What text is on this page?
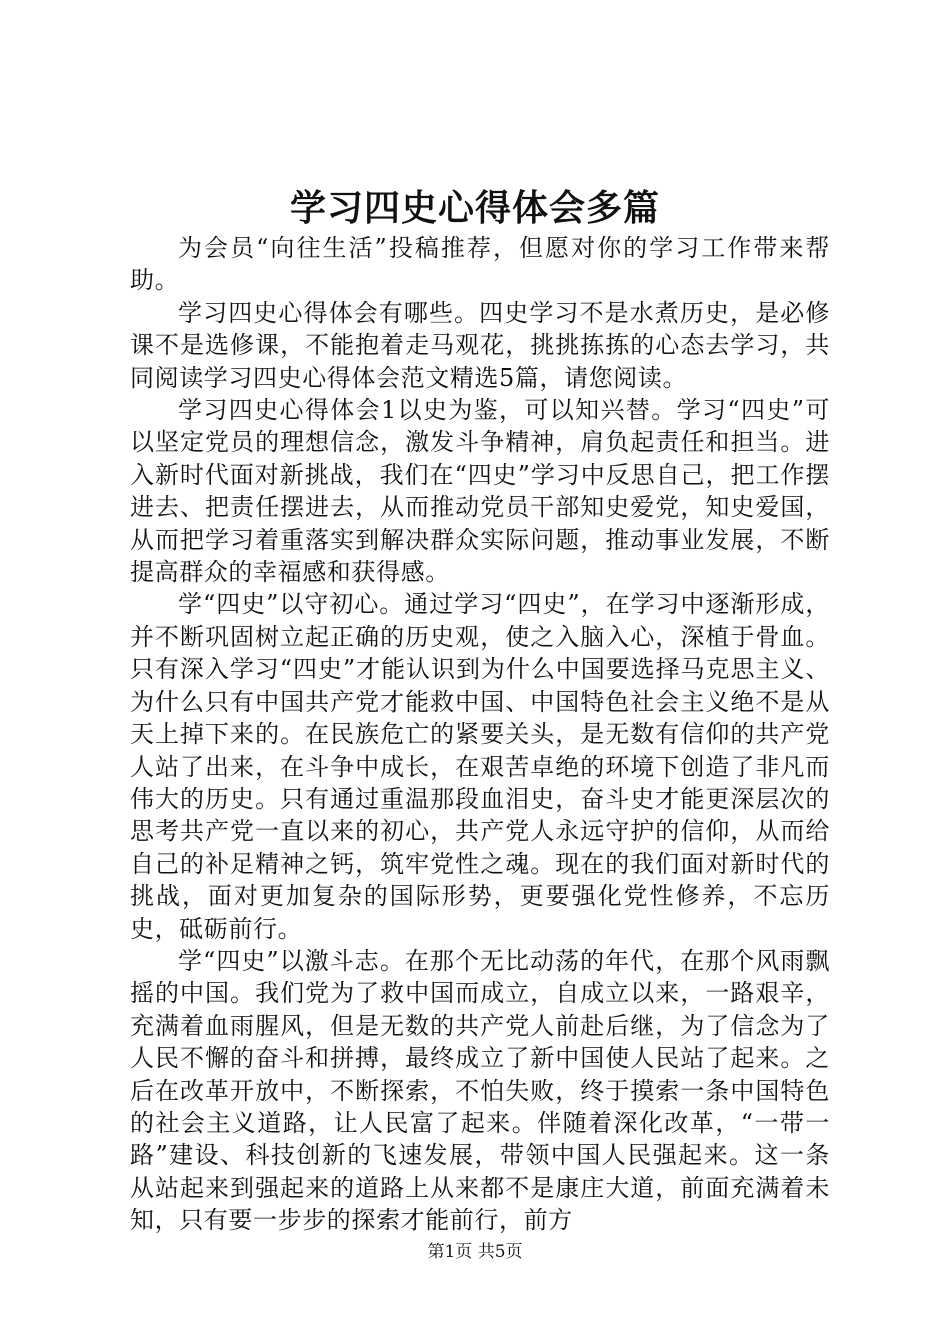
学习四史心得体会多篇

为会员“向往生活”投稿推荐，但愿对你的学习工作带来帮助。

学习四史心得体会有哪些。四史学习不是水煮历史，是必修课不是选修课，不能抱着走马观花，挑挑拣拣的心态去学习，共同阅读学习四史心得体会范文精选5篇，请您阅读。

学习四史心得体会1以史为鉴，可以知兴替。学习“四史”可以坚定党员的理想信念，激发斗争精神，肩负起责任和担当。进入新时代面对新挑战，我们在“四史”学习中反思自己，把工作摆进去、把责任摆进去，从而推动党员干部知史爱党，知史爱国，从而把学习着重落实到解决群众实际问题，推动事业发展，不断提高群众的幸福感和获得感。

学“四史”以守初心。通过学习“四史”，在学习中逐渐形成，并不断巩固树立起正确的历史观，使之入脑入心，深植于骨血。只有深入学习“四史”才能认识到为什么中国要选择马克思主义、为什么只有中国共产党才能救中国、中国特色社会主义绝不是从天上掉下来的。在民族危亡的紧要关头，是无数有信仰的共产党人站了出来，在斗争中成长，在艰苦卓绝的环境下创造了非凡而伟大的历史。只有通过重温那段血泪史，奋斗史才能更深层次的思考共产党一直以来的初心，共产党人永远守护的信仰，从而给自己的补足精神之钙，筑牢党性之魂。现在的我们面对新时代的挑战，面对更加复杂的国际形势，更要强化党性修养，不忘历史，砥砺前行。

学“四史”以激斗志。在那个无比动荡的年代，在那个风雨飘摇的中国。我们党为了救中国而成立，自成立以来，一路艰辛，充满着血雨腥风，但是无数的共产党人前赴后继，为了信念为了人民不懈的奋斗和拼搏，最终成立了新中国使人民站了起来。之后在改革开放中，不断探索，不怕失败，终于摸索一条中国特色的社会主义道路，让人民富了起来。伴随着深化改革，“一带一路”建设、科技创新的飞速发展，带领中国人民强起来。这一条从站起来到强起来的道路上从来都不是康庄大道，前面充满着未知，只有要一步步的探索才能前行，前方

第1页 共5页
